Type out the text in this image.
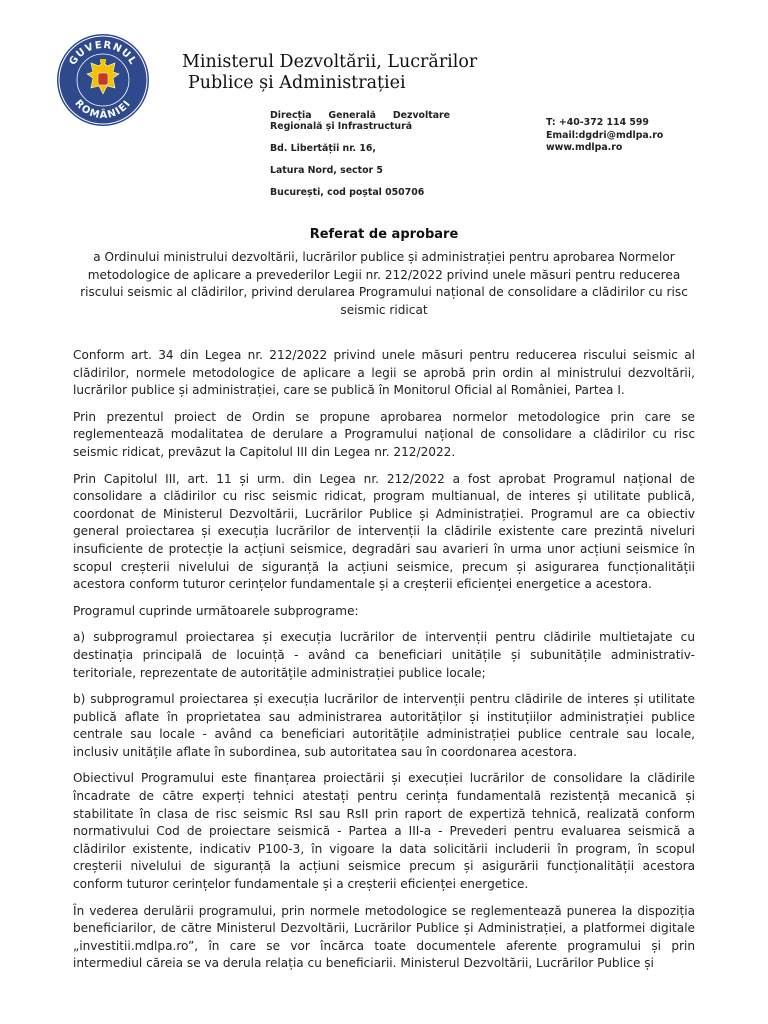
GUVERNUL
ROMÂNIEI
Ministerul Dezvoltării, Lucrărilor
Publice și Administrației
Direcția Generală Dezvoltare
Regională și Infrastructură
Bd. Libertății nr. 16,
Latura Nord, sector 5
București, cod poștal 050706
T: +40-372 114 599
Email:dgdri@mdlpa.ro
www.mdlpa.ro
Referat de aprobare

a Ordinului ministrului dezvoltării, lucrărilor publice și administrației pentru aprobarea Normelor metodologice de aplicare a prevederilor Legii nr. 212/2022 privind unele măsuri pentru reducerea riscului seismic al clădirilor, privind derularea Programului național de consolidare a clădirilor cu risc seismic ridicat

Conform art. 34 din Legea nr. 212/2022 privind unele măsuri pentru reducerea riscului seismic al clădirilor, normele metodologice de aplicare a legii se aprobă prin ordin al ministrului dezvoltării, lucrărilor publice și administrației, care se publică în Monitorul Oficial al României, Partea I.

Prin prezentul proiect de Ordin se propune aprobarea normelor metodologice prin care se reglementează modalitatea de derulare a Programului național de consolidare a clădirilor cu risc seismic ridicat, prevăzut la Capitolul III din Legea nr. 212/2022.

Prin Capitolul III, art. 11 și urm. din Legea nr. 212/2022 a fost aprobat Programul național de consolidare a clădirilor cu risc seismic ridicat, program multianual, de interes și utilitate publică, coordonat de Ministerul Dezvoltării, Lucrărilor Publice și Administrației. Programul are ca obiectiv general proiectarea și execuția lucrărilor de intervenții la clădirile existente care prezintă niveluri insuficiente de protecție la acțiuni seismice, degradări sau avarieri în urma unor acțiuni seismice în scopul creșterii nivelului de siguranță la acțiuni seismice, precum și asigurarea funcționalității acestora conform tuturor cerințelor fundamentale și a creșterii eficienței energetice a acestora.

Programul cuprinde următoarele subprograme:

a) subprogramul proiectarea și execuția lucrărilor de intervenții pentru clădirile multietajate cu destinația principală de locuință - având ca beneficiari unitățile și subunitățile administrativ-teritoriale, reprezentate de autoritățile administrației publice locale;

b) subprogramul proiectarea și execuția lucrărilor de intervenții pentru clădirile de interes și utilitate publică aflate în proprietatea sau administrarea autorităților și instituțiilor administrației publice centrale sau locale - având ca beneficiari autoritățile administrației publice centrale sau locale, inclusiv unitățile aflate în subordinea, sub autoritatea sau în coordonarea acestora.

Obiectivul Programului este finanțarea proiectării și execuției lucrărilor de consolidare la clădirile încadrate de către experți tehnici atestați pentru cerința fundamentală rezistență mecanică și stabilitate în clasa de risc seismic RsI sau RsII prin raport de expertiză tehnică, realizată conform normativului Cod de proiectare seismică - Partea a III-a - Prevederi pentru evaluarea seismică a clădirilor existente, indicativ P100-3, în vigoare la data solicitării includerii în program, în scopul creșterii nivelului de siguranță la acțiuni seismice precum și asigurării funcționalității acestora conform tuturor cerințelor fundamentale și a creșterii eficienței energetice.

În vederea derulării programului, prin normele metodologice se reglementează punerea la dispoziția beneficiarilor, de către Ministerul Dezvoltării, Lucrărilor Publice și Administrației, a platformei digitale „investitii.mdlpa.ro”, în care se vor încărca toate documentele aferente programului și prin intermediul căreia se va derula relația cu beneficiarii. Ministerul Dezvoltării, Lucrărilor Publice și
